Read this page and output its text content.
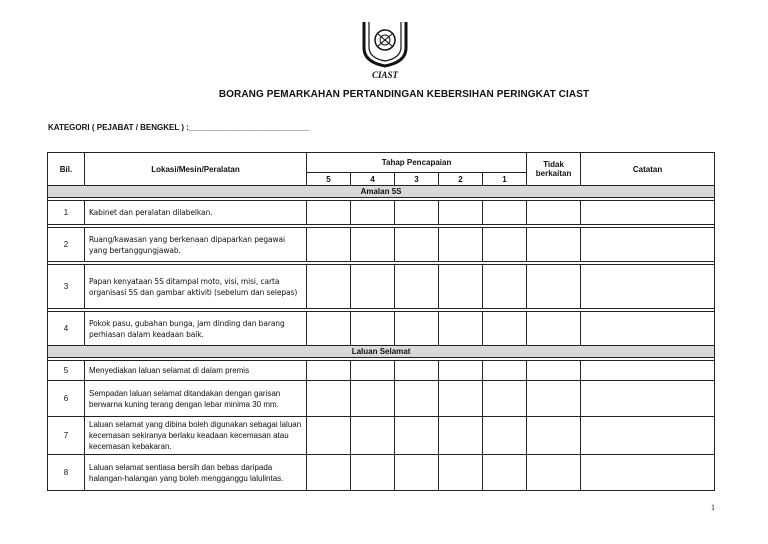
CIAST
BORANG PEMARKAHAN PERTANDINGAN KEBERSIHAN PERINGKAT CIAST
KATEGORI ( PEJABAT / BENGKEL ) :___________________________
Bil.	Lokasi/Mesin/Peralatan	Tahap Pencapaian					Tidak berkaitan	Catatan
		5	4	3	2	1		
Amalan 5S								

1	Kabinet dan peralatan dilabelkan.							

2	Ruang/kawasan yang berkenaan dipaparkan pegawai yang bertanggungjawab.							

3	Papan kenyataan 5S ditampal moto, visi, misi, carta organisasi 5S dan gambar aktiviti (sebelum dan selepas)							

4	Pokok pasu, gubahan bunga, jam dinding dan barang perhiasan dalam keadaan baik.							
Laluan Selamat								

5	Menyediakan laluan selamat di dalam premis							
6	Sempadan laluan selamat ditandakan dengan garisan berwarna kuning terang dengan lebar minima 30 mm.							
7	Laluan selamat yang dibina boleh digunakan sebagai laluan kecemasan sekiranya berlaku keadaan kecemasan atau kecemasan kebakaran.							
8	Laluan selamat sentiasa bersih dan bebas daripada halangan-halangan yang boleh mengganggu lalulintas.							
1
